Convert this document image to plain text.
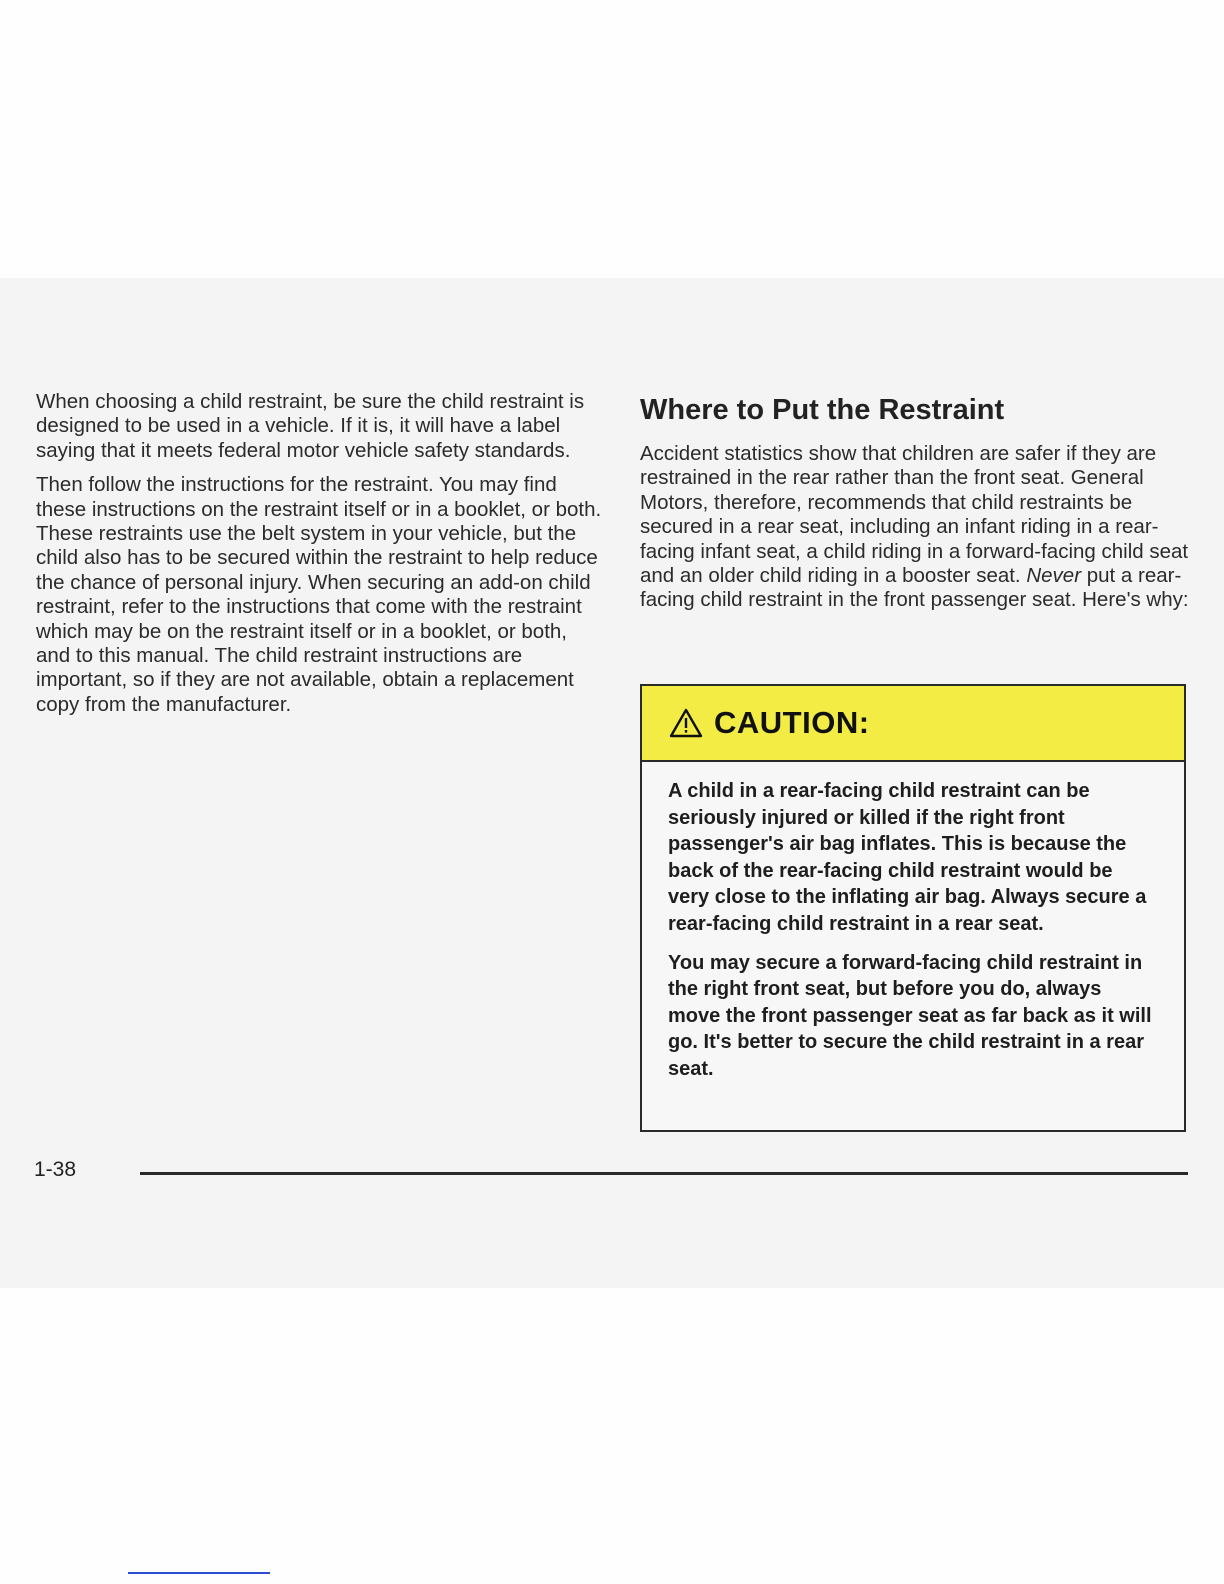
When choosing a child restraint, be sure the child restraint is designed to be used in a vehicle. If it is, it will have a label saying that it meets federal motor vehicle safety standards.

Then follow the instructions for the restraint. You may find these instructions on the restraint itself or in a booklet, or both. These restraints use the belt system in your vehicle, but the child also has to be secured within the restraint to help reduce the chance of personal injury. When securing an add-on child restraint, refer to the instructions that come with the restraint which may be on the restraint itself or in a booklet, or both, and to this manual. The child restraint instructions are important, so if they are not available, obtain a replacement copy from the manufacturer.

Where to Put the Restraint

Accident statistics show that children are safer if they are restrained in the rear rather than the front seat. General Motors, therefore, recommends that child restraints be secured in a rear seat, including an infant riding in a rear-facing infant seat, a child riding in a forward-facing child seat and an older child riding in a booster seat. Never put a rear-facing child restraint in the front passenger seat. Here's why:

CAUTION:

A child in a rear-facing child restraint can be seriously injured or killed if the right front passenger's air bag inflates. This is because the back of the rear-facing child restraint would be very close to the inflating air bag. Always secure a rear-facing child restraint in a rear seat.

You may secure a forward-facing child restraint in the right front seat, but before you do, always move the front passenger seat as far back as it will go. It's better to secure the child restraint in a rear seat.

1-38
